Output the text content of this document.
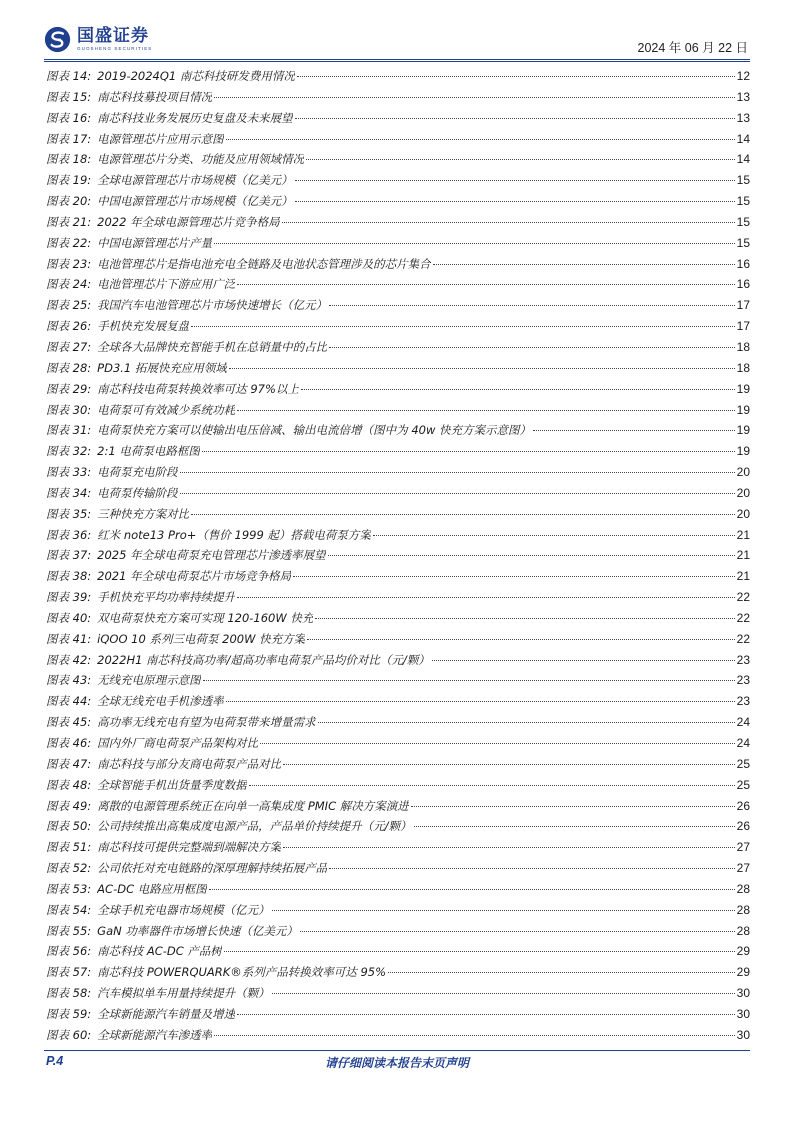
国盛证券
GUOSHENG SECURITIES	2024 年 06 月 22 日
图表 14: 2019-2024Q1 南芯科技研发费用情况	12
图表 15: 南芯科技募投项目情况	13
图表 16: 南芯科技业务发展历史复盘及未来展望	13
图表 17: 电源管理芯片应用示意图	14
图表 18: 电源管理芯片分类、功能及应用领域情况	14
图表 19: 全球电源管理芯片市场规模（亿美元）	15
图表 20: 中国电源管理芯片市场规模（亿美元）	15
图表 21: 2022 年全球电源管理芯片竞争格局	15
图表 22: 中国电源管理芯片产量	15
图表 23: 电池管理芯片是指电池充电全链路及电池状态管理涉及的芯片集合	16
图表 24: 电池管理芯片下游应用广泛	16
图表 25: 我国汽车电池管理芯片市场快速增长（亿元）	17
图表 26: 手机快充发展复盘	17
图表 27: 全球各大品牌快充智能手机在总销量中的占比	18
图表 28: PD3.1 拓展快充应用领域	18
图表 29: 南芯科技电荷泵转换效率可达 97%以上	19
图表 30: 电荷泵可有效减少系统功耗	19
图表 31: 电荷泵快充方案可以使输出电压倍减、输出电流倍增（图中为 40w 快充方案示意图）	19
图表 32: 2:1 电荷泵电路框图	19
图表 33: 电荷泵充电阶段	20
图表 34: 电荷泵传输阶段	20
图表 35: 三种快充方案对比	20
图表 36: 红米 note13 Pro+（售价 1999 起）搭载电荷泵方案	21
图表 37: 2025 年全球电荷泵充电管理芯片渗透率展望	21
图表 38: 2021 年全球电荷泵芯片市场竞争格局	21
图表 39: 手机快充平均功率持续提升	22
图表 40: 双电荷泵快充方案可实现 120-160W 快充	22
图表 41: iQOO 10 系列三电荷泵 200W 快充方案	22
图表 42: 2022H1 南芯科技高功率/超高功率电荷泵产品均价对比（元/颗）	23
图表 43: 无线充电原理示意图	23
图表 44: 全球无线充电手机渗透率	23
图表 45: 高功率无线充电有望为电荷泵带来增量需求	24
图表 46: 国内外厂商电荷泵产品架构对比	24
图表 47: 南芯科技与部分友商电荷泵产品对比	25
图表 48: 全球智能手机出货量季度数据	25
图表 49: 离散的电源管理系统正在向单一高集成度 PMIC 解决方案演进	26
图表 50: 公司持续推出高集成度电源产品，产品单价持续提升（元/颗）	26
图表 51: 南芯科技可提供完整端到端解决方案	27
图表 52: 公司依托对充电链路的深厚理解持续拓展产品	27
图表 53: AC-DC 电路应用框图	28
图表 54: 全球手机充电器市场规模（亿元）	28
图表 55: GaN 功率器件市场增长快速（亿美元）	28
图表 56: 南芯科技 AC-DC 产品树	29
图表 57: 南芯科技 POWERQUARK®系列产品转换效率可达 95%	29
图表 58: 汽车模拟单车用量持续提升（颗）	30
图表 59: 全球新能源汽车销量及增速	30
图表 60: 全球新能源汽车渗透率	30
P.4	请仔细阅读本报告末页声明
